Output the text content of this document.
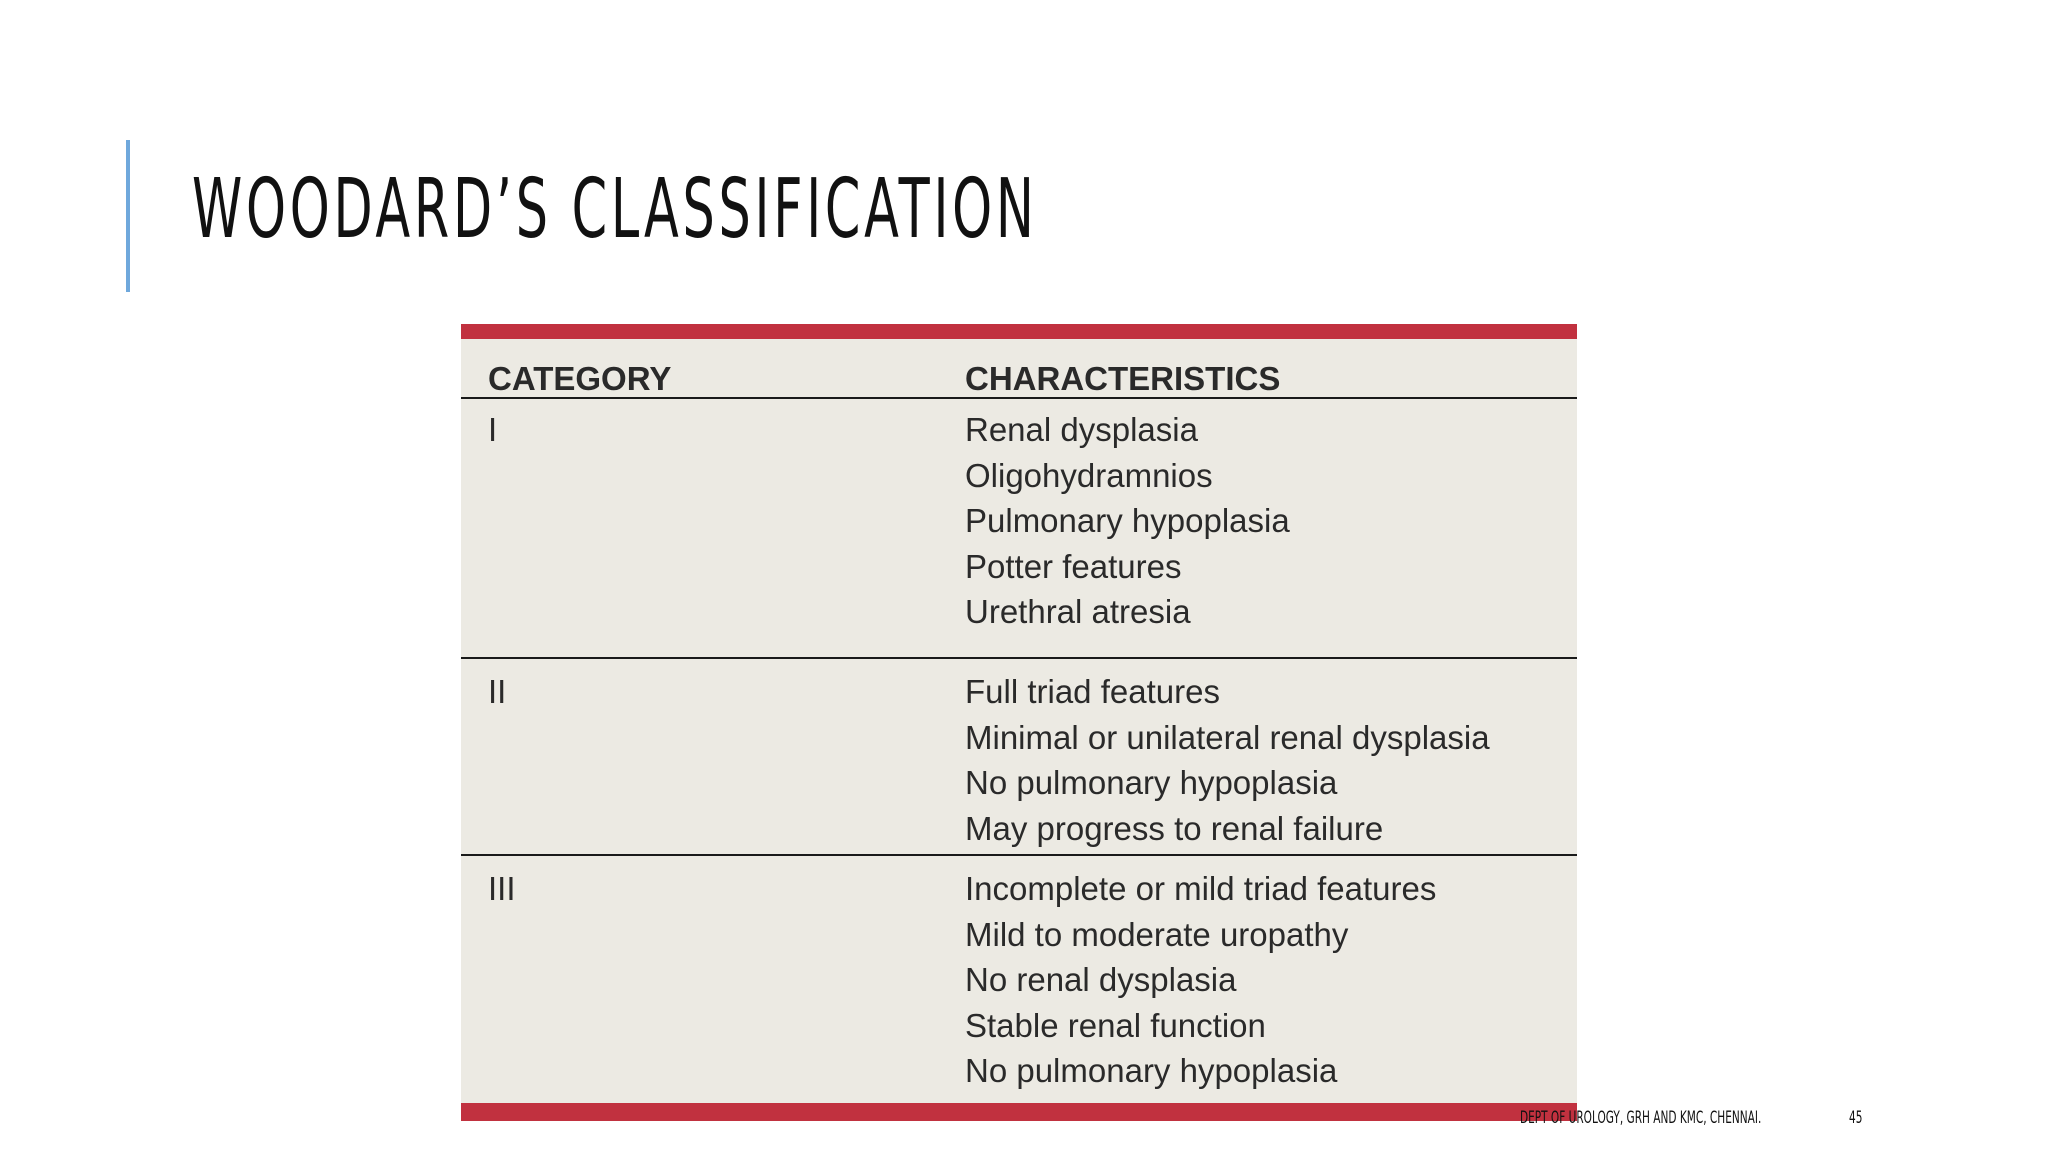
WOODARD’S CLASSIFICATION
CATEGORY	CHARACTERISTICS
I	Renal dysplasia
Oligohydramnios
Pulmonary hypoplasia
Potter features
Urethral atresia
II	Full triad features
Minimal or unilateral renal dysplasia
No pulmonary hypoplasia
May progress to renal failure
III	Incomplete or mild triad features
Mild to moderate uropathy
No renal dysplasia
Stable renal function
No pulmonary hypoplasia
DEPT OF UROLOGY, GRH AND KMC, CHENNAI.	45
